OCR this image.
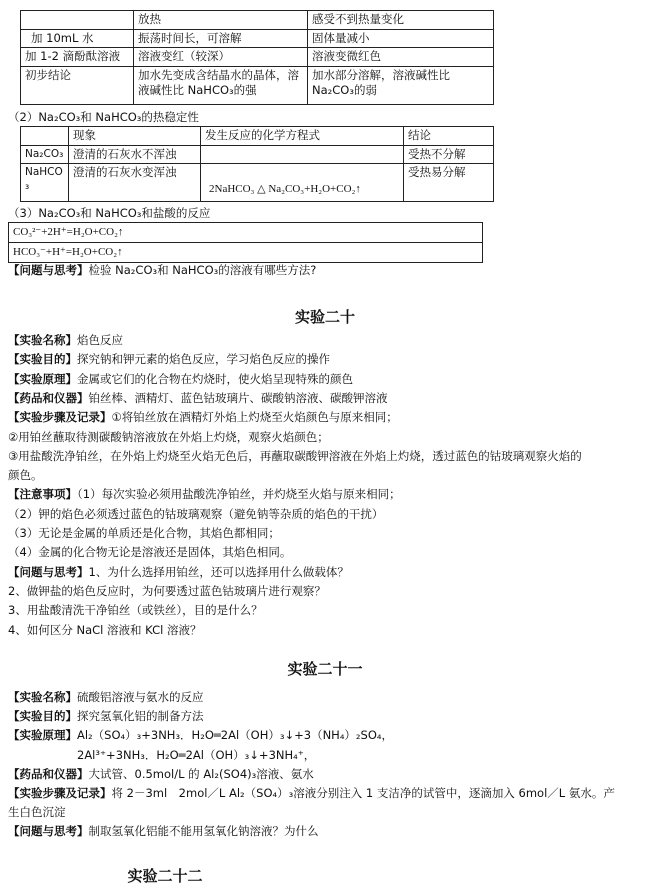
	放热	感受不到热量变化
加 10mL 水	振荡时间长，可溶解	固体量减小
加 1-2 滴酚酞溶液	溶液变红（较深）	溶液变微红色
初步结论	加水先变成含结晶水的晶体，溶液碱性比 NaHCO₃的强	加水部分溶解，溶液碱性比 Na₂CO₃的弱
（2）Na₂CO₃和 NaHCO₃的热稳定性
	现象	发生反应的化学方程式	结论
Na₂CO₃	澄清的石灰水不浑浊		受热不分解
NaHCO₃	澄清的石灰水变浑浊	2NaHCO₃ △ Na₂CO₃+H₂O+CO₂↑	受热易分解
（3）Na₂CO₃和 NaHCO₃和盐酸的反应
CO₃²⁻+2H⁺=H₂O+CO₂↑
HCO₃⁻+H⁺=H₂O+CO₂↑
【问题与思考】检验 Na₂CO₃和 NaHCO₃的溶液有哪些方法?
实验二十
【实验名称】焰色反应
【实验目的】探究钠和钾元素的焰色反应，学习焰色反应的操作
【实验原理】金属或它们的化合物在灼烧时，使火焰呈现特殊的颜色
【药品和仪器】铂丝棒、酒精灯、蓝色钴玻璃片、碳酸钠溶液、碳酸钾溶液
【实验步骤及记录】①将铂丝放在酒精灯外焰上灼烧至火焰颜色与原来相同；
②用铂丝蘸取待测碳酸钠溶液放在外焰上灼烧，观察火焰颜色；
③用盐酸洗净铂丝，在外焰上灼烧至火焰无色后，再蘸取碳酸钾溶液在外焰上灼烧，透过蓝色的钴玻璃观察火焰的
颜色。
【注意事项】（1）每次实验必须用盐酸洗净铂丝，并灼烧至火焰与原来相同；
（2）钾的焰色必须透过蓝色的钴玻璃观察（避免钠等杂质的焰色的干扰）
（3）无论是金属的单质还是化合物，其焰色都相同；
（4）金属的化合物无论是溶液还是固体，其焰色相同。
【问题与思考】1、为什么选择用铂丝，还可以选择用什么做载体？
2、做钾盐的焰色反应时，为何要透过蓝色钴玻璃片进行观察？
3、用盐酸清洗干净铂丝（或铁丝），目的是什么？
4、如何区分 NaCl 溶液和 KCl 溶液？
实验二十一
【实验名称】硫酸铝溶液与氨水的反应
【实验目的】探究氢氧化铝的制备方法
【实验原理】Al₂（SO₄）₃+3NH₃．H₂O═2Al（OH）₃↓+3（NH₄）₂SO₄，
　　　　　　2Al³⁺+3NH₃．H₂O═2Al（OH）₃↓+3NH₄⁺，
【药品和仪器】大试管、0.5mol/L 的 Al₂(SO4)₃溶液、氨水
【实验步骤及记录】将 2－3ml　2mol／L Al₂（SO₄）₃溶液分别注入 1 支洁净的试管中，逐滴加入 6mol／L 氨水。产
生白色沉淀
【问题与思考】制取氢氧化铝能不能用氢氧化钠溶液？为什么
实验二十二
